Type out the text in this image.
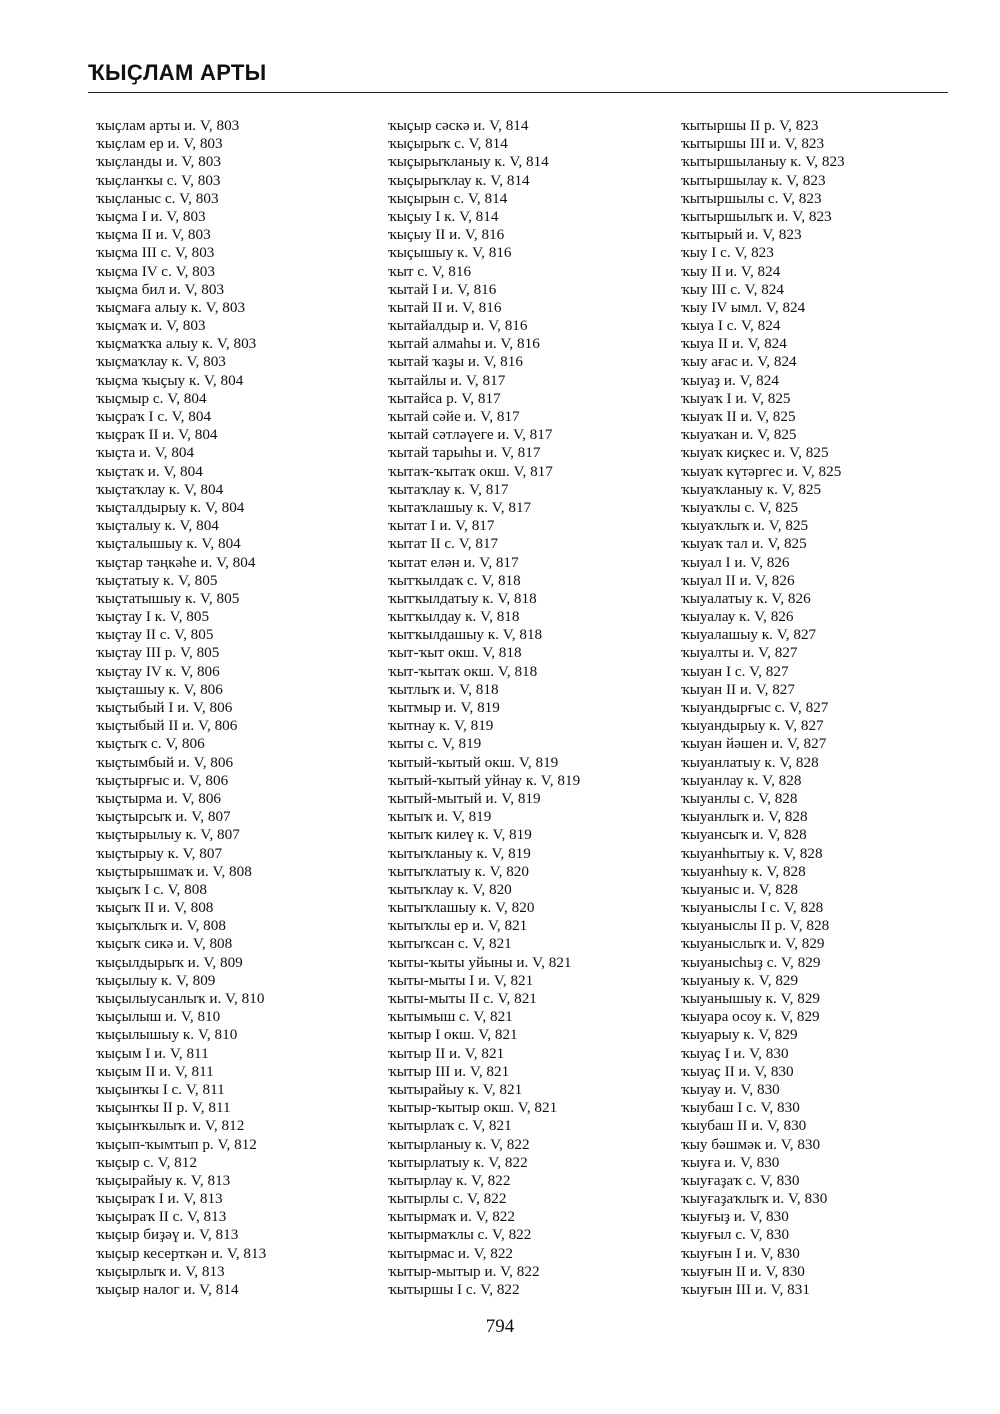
ҠЫҪЛАМ АРТЫ
ҡыҫлам арты и. V, 803
ҡыҫлам ер и. V, 803
ҡыҫланды и. V, 803
ҡыҫланҡы с. V, 803
ҡыҫланыс с. V, 803
ҡыҫма I и. V, 803
ҡыҫма II и. V, 803
ҡыҫма III с. V, 803
ҡыҫма IV с. V, 803
ҡыҫма бил и. V, 803
ҡыҫмаға алыу к. V, 803
ҡыҫмаҡ и. V, 803
ҡыҫмаҡҡа алыу к. V, 803
ҡыҫмаҡлау к. V, 803
ҡыҫма ҡыҫыу к. V, 804
ҡыҫмыр с. V, 804
ҡыҫраҡ I с. V, 804
ҡыҫраҡ II и. V, 804
ҡыҫта и. V, 804
ҡыҫтаҡ и. V, 804
ҡыҫтаҡлау к. V, 804
ҡыҫталдырыу к. V, 804
ҡыҫталыу к. V, 804
ҡыҫталышыу к. V, 804
ҡыҫтар тәңкәһе и. V, 804
ҡыҫтатыу к. V, 805
ҡыҫтатышыу к. V, 805
ҡыҫтау I к. V, 805
ҡыҫтау II с. V, 805
ҡыҫтау III р. V, 805
ҡыҫтау IV к. V, 806
ҡыҫташыу к. V, 806
ҡыҫтыбый I и. V, 806
ҡыҫтыбый II и. V, 806
ҡыҫтыҡ с. V, 806
ҡыҫтымбый и. V, 806
ҡыҫтырғыс и. V, 806
ҡыҫтырма и. V, 806
ҡыҫтырсыҡ и. V, 807
ҡыҫтырылыу к. V, 807
ҡыҫтырыу к. V, 807
ҡыҫтырышмаҡ и. V, 808
ҡыҫыҡ I с. V, 808
ҡыҫыҡ II и. V, 808
ҡыҫыҡлыҡ и. V, 808
ҡыҫыҡ сикә и. V, 808
ҡыҫылдырыҡ и. V, 809
ҡыҫылыу к. V, 809
ҡыҫылыусанлыҡ и. V, 810
ҡыҫылыш и. V, 810
ҡыҫылышыу к. V, 810
ҡыҫым I и. V, 811
ҡыҫым II и. V, 811
ҡыҫынҡы I с. V, 811
ҡыҫынҡы II р. V, 811
ҡыҫынҡылыҡ и. V, 812
ҡыҫып-ҡымтып р. V, 812
ҡыҫыр с. V, 812
ҡыҫырайыу к. V, 813
ҡыҫыраҡ I и. V, 813
ҡыҫыраҡ II с. V, 813
ҡыҫыр биҙәү и. V, 813
ҡыҫыр кесерткән и. V, 813
ҡыҫырлыҡ и. V, 813
ҡыҫыр налог и. V, 814
ҡыҫыр сәскә и. V, 814
ҡыҫырыҡ с. V, 814
ҡыҫырыҡланыу к. V, 814
ҡыҫырыҡлау к. V, 814
ҡыҫырын с. V, 814
ҡыҫыу I к. V, 814
ҡыҫыу II и. V, 816
ҡыҫышыу к. V, 816
ҡыт с. V, 816
ҡытай I и. V, 816
ҡытай II и. V, 816
ҡытайалдыр и. V, 816
ҡытай алмаһы и. V, 816
ҡытай ҡаҙы и. V, 816
ҡытайлы и. V, 817
ҡытайса р. V, 817
ҡытай сәйе и. V, 817
ҡытай сәтләүеге и. V, 817
ҡытай тарыһы и. V, 817
ҡытаҡ-ҡытаҡ окш. V, 817
ҡытаҡлау к. V, 817
ҡытаҡлашыу к. V, 817
ҡытат I и. V, 817
ҡытат II с. V, 817
ҡытат елән и. V, 817
ҡытҡылдаҡ с. V, 818
ҡытҡылдатыу к. V, 818
ҡытҡылдау к. V, 818
ҡытҡылдашыу к. V, 818
ҡыт-ҡыт окш. V, 818
ҡыт-ҡытаҡ окш. V, 818
ҡытлыҡ и. V, 818
ҡытмыр и. V, 819
ҡытнау к. V, 819
ҡыты с. V, 819
ҡытый-ҡытый окш. V, 819
ҡытый-ҡытый уйнау к. V, 819
ҡытый-мытый и. V, 819
ҡытыҡ и. V, 819
ҡытыҡ килеү к. V, 819
ҡытыҡланыу к. V, 819
ҡытыҡлатыу к. V, 820
ҡытыҡлау к. V, 820
ҡытыҡлашыу к. V, 820
ҡытыҡлы ер и. V, 821
ҡытыҡсан с. V, 821
ҡыты-ҡыты уйыны и. V, 821
ҡыты-мыты I и. V, 821
ҡыты-мыты II с. V, 821
ҡытымыш с. V, 821
ҡытыр I окш. V, 821
ҡытыр II и. V, 821
ҡытыр III и. V, 821
ҡытырайыу к. V, 821
ҡытыр-ҡытыр окш. V, 821
ҡытырлаҡ с. V, 821
ҡытырланыу к. V, 822
ҡытырлатыу к. V, 822
ҡытырлау к. V, 822
ҡытырлы с. V, 822
ҡытырмаҡ и. V, 822
ҡытырмаҡлы с. V, 822
ҡытырмас и. V, 822
ҡытыр-мытыр и. V, 822
ҡытыршы I с. V, 822
ҡытыршы II р. V, 823
ҡытыршы III и. V, 823
ҡытыршыланыу к. V, 823
ҡытыршылау к. V, 823
ҡытыршылы с. V, 823
ҡытыршылыҡ и. V, 823
ҡытырый и. V, 823
ҡыу I с. V, 823
ҡыу II и. V, 824
ҡыу III с. V, 824
ҡыу IV ымл. V, 824
ҡыуа I с. V, 824
ҡыуа II и. V, 824
ҡыу ағас и. V, 824
ҡыуаҙ и. V, 824
ҡыуаҡ I и. V, 825
ҡыуаҡ II и. V, 825
ҡыуаҡан и. V, 825
ҡыуаҡ киҫкес и. V, 825
ҡыуаҡ күтәргес и. V, 825
ҡыуаҡланыу к. V, 825
ҡыуаҡлы с. V, 825
ҡыуаҡлыҡ и. V, 825
ҡыуаҡ тал и. V, 825
ҡыуал I и. V, 826
ҡыуал II и. V, 826
ҡыуалатыу к. V, 826
ҡыуалау к. V, 826
ҡыуалашыу к. V, 827
ҡыуалты и. V, 827
ҡыуан I с. V, 827
ҡыуан II и. V, 827
ҡыуандырғыс с. V, 827
ҡыуандырыу к. V, 827
ҡыуан йәшен и. V, 827
ҡыуанлатыу к. V, 828
ҡыуанлау к. V, 828
ҡыуанлы с. V, 828
ҡыуанлыҡ и. V, 828
ҡыуансыҡ и. V, 828
ҡыуанһытыу к. V, 828
ҡыуанһыу к. V, 828
ҡыуаныс и. V, 828
ҡыуаныслы I с. V, 828
ҡыуаныслы II р. V, 828
ҡыуаныслыҡ и. V, 829
ҡыуанысһыҙ с. V, 829
ҡыуаныу к. V, 829
ҡыуанышыу к. V, 829
ҡыуара осоу к. V, 829
ҡыуарыу к. V, 829
ҡыуаҫ I и. V, 830
ҡыуаҫ II и. V, 830
ҡыуау и. V, 830
ҡыубаш I с. V, 830
ҡыубаш II и. V, 830
ҡыу бәшмәк и. V, 830
ҡыуға и. V, 830
ҡыуғаҙаҡ с. V, 830
ҡыуғаҙаҡлыҡ и. V, 830
ҡыуғыҙ и. V, 830
ҡыуғыл с. V, 830
ҡыуғын I и. V, 830
ҡыуғын II и. V, 830
ҡыуғын III и. V, 831
794
